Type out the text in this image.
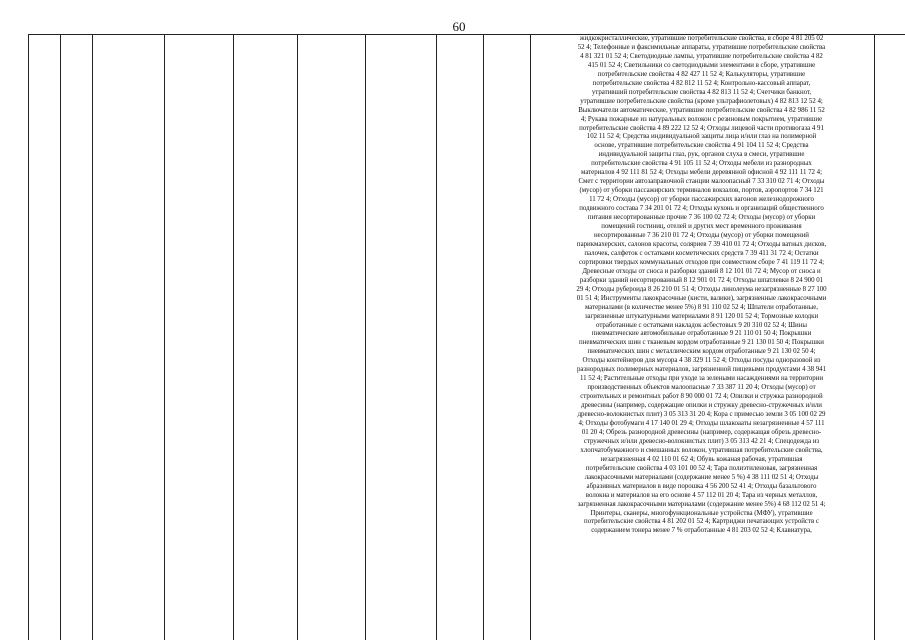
60

жидкокристаллические, утратившие потребительские свойства, в сборе 4 81 205 02

52 4; Телефонные и факсимильные аппараты, утратившие потребительские свойства

4 81 321 01 52 4; Светодиодные лампы, утратившие потребительские свойства 4 82

415 01 52 4; Светильники со светодиодными элементами в сборе, утратившие

потребительские свойства 4 82 427 11 52 4; Калькуляторы, утратившие

потребительские свойства 4 82 812 11 52 4; Контрольно-кассовый аппарат,

утративший потребительские свойства 4 82 813 11 52 4; Счетчики банкнот,

утратившие потребительские свойства (кроме ультрафиолетовых) 4 82 813 12 52 4;

Выключатели автоматические, утратившие потребительские свойства 4 82 986 11 52

4; Рукава пожарные из натуральных волокон с резиновым покрытием, утратившие

потребительские свойства 4 89 222 12 52 4; Отходы лицевой части противогаза 4 91

102 11 52 4; Средства индивидуальной защиты лица и/или глаз на полимерной

основе, утратившие потребительские свойства 4 91 104 11 52 4; Средства

индивидуальной защиты глаз, рук, органов слуха в смеси, утратившие

потребительские свойства 4 91 105 11 52 4; Отходы мебели из разнородных

материалов 4 92 111 81 52 4; Отходы мебели деревянной офисной 4 92 111 11 72 4;

Смет с территории автозаправочной станции малоопасный 7 33 310 02 71 4; Отходы

(мусор) от уборки пассажирских терминалов вокзалов, портов, аэропортов 7 34 121

11 72 4; Отходы (мусор) от уборки пассажирских вагонов железнодорожного

подвижного состава 7 34 201 01 72 4; Отходы кухонь и организаций общественного

питания несортированные прочие 7 36 100 02 72 4; Отходы (мусор) от уборки

помещений гостиниц, отелей и других мест временного проживания

несортированные 7 36 210 01 72 4; Отходы (мусор) от уборки помещений

парикмахерских, салонов красоты, соляриев 7 39 410 01 72 4; Отходы ватных дисков,

палочек, салфеток с остатками косметических средств 7 39 411 31 72 4; Остатки

сортировки твердых коммунальных отходов при совместном сборе 7 41 119 11 72 4;

Древесные отходы от сноса и разборки зданий 8 12 101 01 72 4; Мусор от сноса и

разборки зданий несортированный 8 12 901 01 72 4; Отходы шпатлевки 8 24 900 01

29 4; Отходы рубероида 8 26 210 01 51 4; Отходы линолеума незагрязненные 8 27 100

01 51 4; Инструменты лакокрасочные (кисти, валики), загрязненные лакокрасочными

материалами (в количестве менее 5%) 8 91 110 02 52 4; Шпатели отработанные,

загрязненные штукатурными материалами 8 91 120 01 52 4; Тормозные колодки

отработанные с остатками накладок асбестовых 9 20 310 02 52 4; Шины

пневматические автомобильные отработанные 9 21 110 01 50 4; Покрышки

пневматических шин с тканевым кордом отработанные 9 21 130 01 50 4; Покрышки

пневматических шин с металлическим кордом отработанные 9 21 130 02 50 4;

Отходы контейнеров для мусора 4 38 329 11 52 4; Отходы посуды одноразовой из

разнородных полимерных материалов, загрязненной пищевыми продуктами 4 38 941

11 52 4; Растительные отходы при уходе за зелеными насаждениями на территории

производственных объектов малоопасные 7 33 387 11 20 4; Отходы (мусор) от

строительных и ремонтных работ 8 90 000 01 72 4; Опилки и стружка разнородной

древесины (например, содержащие опилки и стружку древесно-стружечных и/или

древесно-волокнистых плит) 3 05 313 31 20 4; Кора с примесью земли 3 05 100 02 29

4; Отходы фотобумаги 4 17 140 01 29 4; Отходы шлакоааты незагрязненные 4 57 111

01 20 4; Обрезь разнородной древесины (например, содержащая обрезь древесно-

стружечных и/или древесно-волокнистых плит) 3 05 313 42 21 4; Спецодежда из

хлопчатобумажного и смешанных волокон, утратившая потребительские свойства,

незагрязненная 4 02 110 01 62 4; Обувь кожаная рабочая, утратившая

потребительские свойства 4 03 101 00 52 4; Тара полиэтиленовая, загрязненная

лакокрасочными материалами (содержание менее 5 %) 4 38 111 02 51 4; Отходы

абразивных материалов в виде порошка 4 56 200 52 41 4; Отходы базальтового

волокна и материалов на его основе 4 57 112 01 20 4; Тара из черных металлов,

загрязненная лакокрасочными материалами (содержание менее 5%) 4 68 112 02 51 4;

Принтеры, сканеры, многофункциональные устройства (МФУ), утратившие

потребительские свойства 4 81 202 01 52 4; Картриджи печатающих устройств с

содержанием тонера менее 7 % отработанные 4 81 203 02 52 4; Клавиатура,
